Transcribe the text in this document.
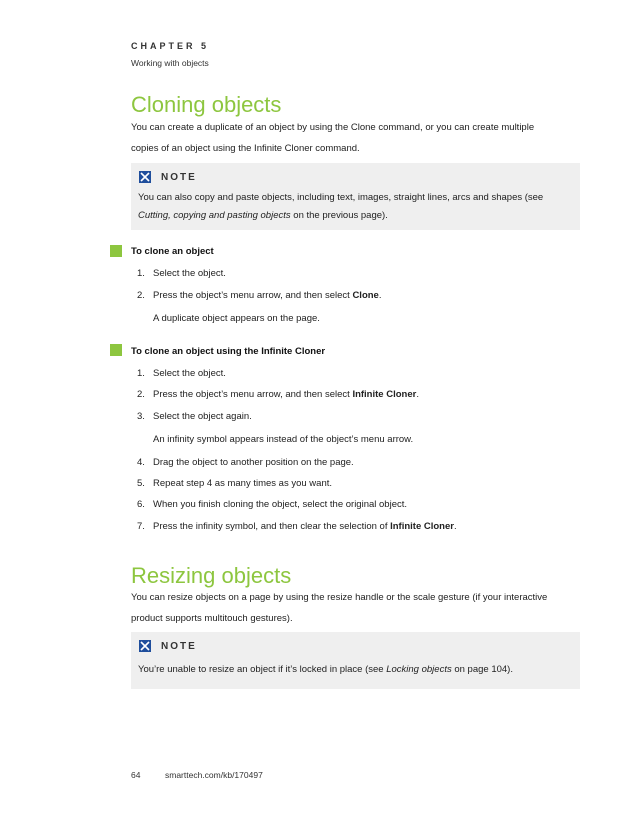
CHAPTER 5
Working with objects
Cloning objects
You can create a duplicate of an object by using the Clone command, or you can create multiple
copies of an object using the Infinite Cloner command.
NOTE
You can also copy and paste objects, including text, images, straight lines, arcs and shapes (see
Cutting, copying and pasting objects on the previous page).
To clone an object
1. Select the object.
2. Press the object’s menu arrow, and then select Clone.
A duplicate object appears on the page.
To clone an object using the Infinite Cloner
1. Select the object.
2. Press the object’s menu arrow, and then select Infinite Cloner.
3. Select the object again.
An infinity symbol appears instead of the object’s menu arrow.
4. Drag the object to another position on the page.
5. Repeat step 4 as many times as you want.
6. When you finish cloning the object, select the original object.
7. Press the infinity symbol, and then clear the selection of Infinite Cloner.
Resizing objects
You can resize objects on a page by using the resize handle or the scale gesture (if your interactive
product supports multitouch gestures).
NOTE
You’re unable to resize an object if it’s locked in place (see Locking objects on page 104).
64	smarttech.com/kb/170497
